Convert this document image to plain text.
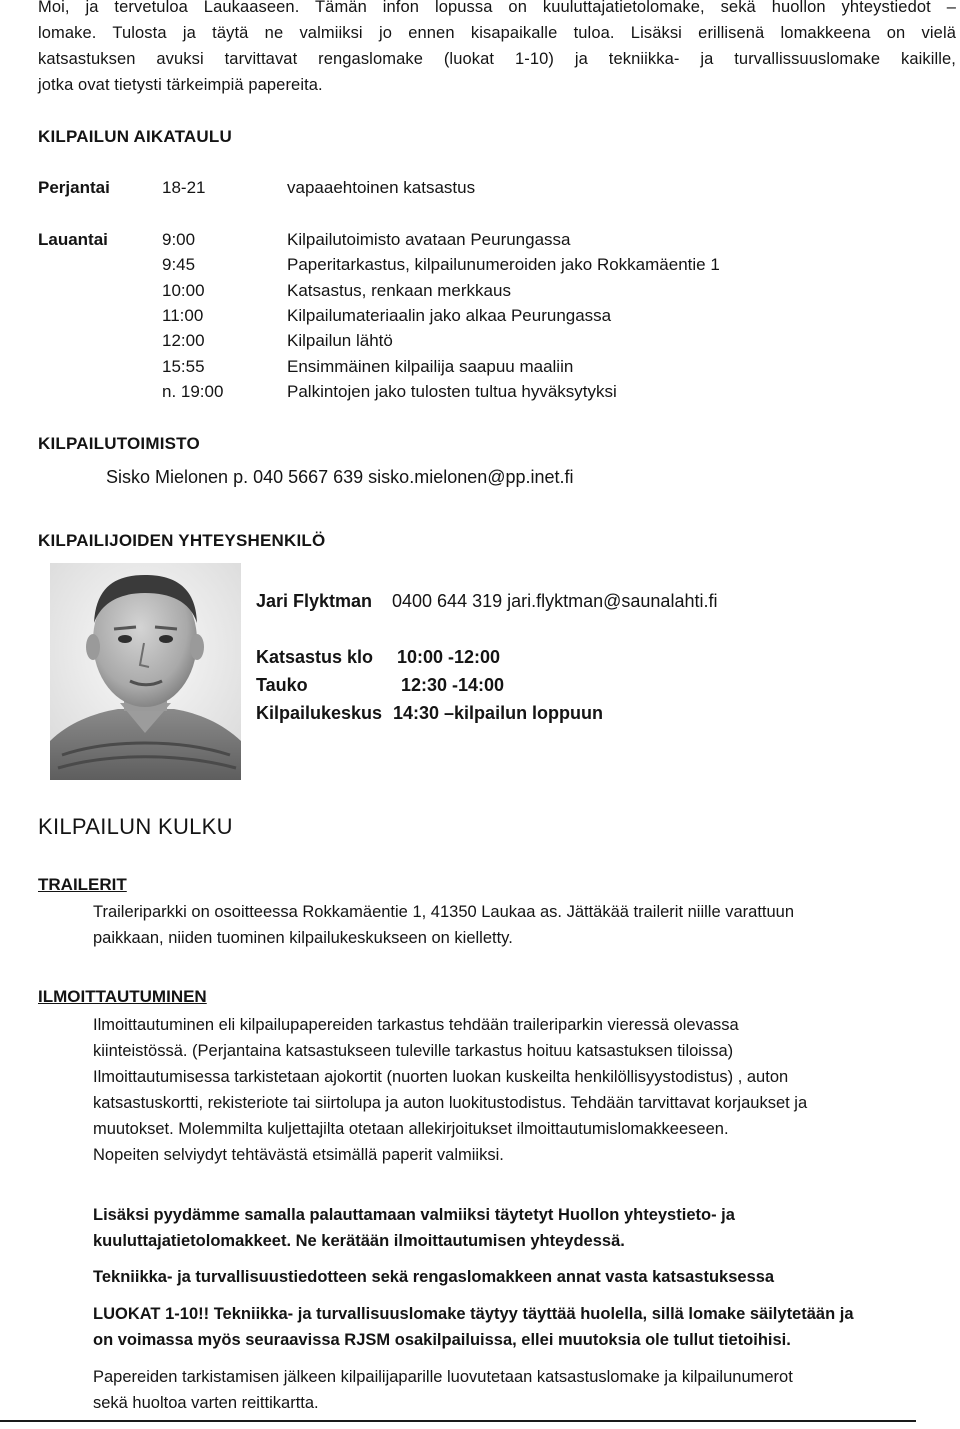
Moi, ja tervetuloa Laukaaseen. Tämän infon lopussa on kuuluttajatietolomake, sekä huollon yhteystiedot –
lomake. Tulosta ja täytä ne valmiiksi jo ennen kisapaikalle tuloa. Lisäksi erillisenä lomakkeena on vielä
katsastuksen avuksi tarvittavat rengaslomake (luokat 1-10) ja tekniikka- ja turvallissuuslomake kaikille,
jotka ovat tietysti tärkeimpiä papereita.
KILPAILUN AIKATAULU
Perjantai	18-21	vapaaehtoinen katsastus
Lauantai	9:00	Kilpailutoimisto avataan Peurungassa
9:45	Paperitarkastus, kilpailunumeroiden jako Rokkamäentie 1
10:00	Katsastus, renkaan merkkaus
11:00	Kilpailumateriaalin jako alkaa Peurungassa
12:00	Kilpailun lähtö
15:55	Ensimmäinen kilpailija saapuu maaliin
n. 19:00	Palkintojen jako tulosten tultua hyväksytyksi
KILPAILUTOIMISTO
Sisko Mielonen p. 040 5667 639 sisko.mielonen@pp.inet.fi
KILPAILIJOIDEN YHTEYSHENKILÖ
Jari Flyktman 0400 644 319 jari.flyktman@saunalahti.fi
Katsastus klo 10:00 -12:00
Tauko	12:30 -14:00
Kilpailukeskus 14:30 –kilpailun loppuun
KILPAILUN KULKU
TRAILERIT
Traileriparkki on osoitteessa Rokkamäentie 1, 41350 Laukaa as. Jättäkää trailerit niille varattuun
paikkaan, niiden tuominen kilpailukeskukseen on kielletty.
ILMOITTAUTUMINEN
Ilmoittautuminen eli kilpailupapereiden tarkastus tehdään traileriparkin vieressä olevassa
kiinteistössä. (Perjantaina katsastukseen tuleville tarkastus hoituu katsastuksen tiloissa)
Ilmoittautumisessa tarkistetaan ajokortit (nuorten luokan kuskeilta henkilöllisyystodistus) , auton
katsastuskortti, rekisteriote tai siirtolupa ja auton luokitustodistus. Tehdään tarvittavat korjaukset ja
muutokset. Molemmilta kuljettajilta otetaan allekirjoitukset ilmoittautumislomakkeeseen.
Nopeiten selviydyt tehtävästä etsimällä paperit valmiiksi.
Lisäksi pyydämme samalla palauttamaan valmiiksi täytetyt Huollon yhteystieto- ja
kuuluttajatietolomakkeet. Ne kerätään ilmoittautumisen yhteydessä.
Tekniikka- ja turvallisuustiedotteen sekä rengaslomakkeen annat vasta katsastuksessa
LUOKAT 1-10!! Tekniikka- ja turvallisuuslomake täytyy täyttää huolella, sillä lomake säilytetään ja
on voimassa myös seuraavissa RJSM osakilpailuissa, ellei muutoksia ole tullut tietoihisi.
Papereiden tarkistamisen jälkeen kilpailijaparille luovutetaan katsastuslomake ja kilpailunumerot
sekä huoltoa varten reittikartta.
